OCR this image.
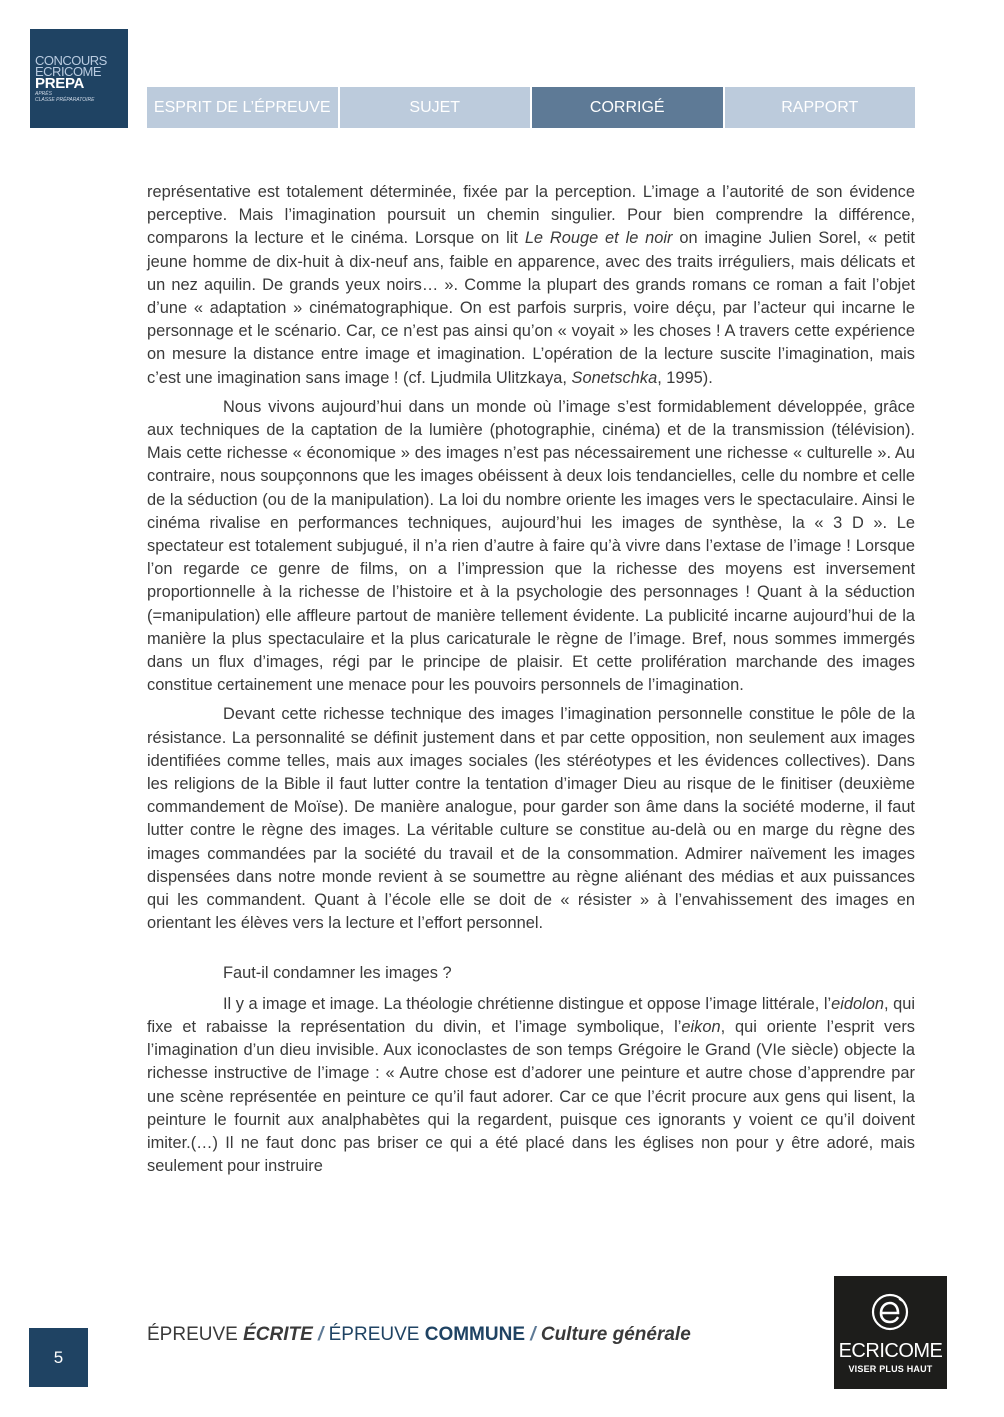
CONCOURS
ECRICOME
PREPA
APRÈS
CLASSE PRÉPARATOIRE	ESPRIT DE L’ÉPREUVE	SUJET	CORRIGÉ	RAPPORT

représentative est totalement déterminée, fixée par la perception. L’image a l’autorité de son évidence perceptive. Mais l’imagination poursuit un chemin singulier. Pour bien comprendre la différence, comparons la lecture et le cinéma. Lorsque on lit Le Rouge et le noir on imagine Julien Sorel, « petit jeune homme de dix-huit à dix-neuf ans, faible en apparence, avec des traits irréguliers, mais délicats et un nez aquilin. De grands yeux noirs… ». Comme la plupart des grands romans ce roman a fait l’objet d’une « adaptation » cinématographique. On est parfois surpris, voire déçu, par l’acteur qui incarne le personnage et le scénario. Car, ce n’est pas ainsi qu’on « voyait » les choses ! A travers cette expérience on mesure la distance entre image et imagination. L’opération de la lecture suscite l’imagination, mais c’est une imagination sans image ! (cf. Ljudmila Ulitzkaya, Sonetschka, 1995).

Nous vivons aujourd’hui dans un monde où l’image s’est formidablement développée, grâce aux techniques de la captation de la lumière (photographie, cinéma) et de la transmission (télévision). Mais cette richesse « économique » des images n’est pas nécessairement une richesse « culturelle ». Au contraire, nous soupçonnons que les images obéissent à deux lois tendancielles, celle du nombre et celle de la séduction (ou de la manipulation). La loi du nombre oriente les images vers le spectaculaire. Ainsi le cinéma rivalise en performances techniques, aujourd’hui les images de synthèse, la « 3 D ». Le spectateur est totalement subjugué, il n’a rien d’autre à faire qu’à vivre dans l’extase de l’image ! Lorsque l’on regarde ce genre de films, on a l’impression que la richesse des moyens est inversement proportionnelle à la richesse de l’histoire et à la psychologie des personnages ! Quant à la séduction (=manipulation) elle affleure partout de manière tellement évidente. La publicité incarne aujourd’hui de la manière la plus spectaculaire et la plus caricaturale le règne de l’image. Bref, nous sommes immergés dans un flux d’images, régi par le principe de plaisir. Et cette prolifération marchande des images constitue certainement une menace pour les pouvoirs personnels de l’imagination.

Devant cette richesse technique des images l’imagination personnelle constitue le pôle de la résistance. La personnalité se définit justement dans et par cette opposition, non seulement aux images identifiées comme telles, mais aux images sociales (les stéréotypes et les évidences collectives). Dans les religions de la Bible il faut lutter contre la tentation d’imager Dieu au risque de le finitiser (deuxième commandement de Moïse). De manière analogue, pour garder son âme dans la société moderne, il faut lutter contre le règne des images. La véritable culture se constitue au-delà ou en marge du règne des images commandées par la société du travail et de la consommation. Admirer naïvement les images dispensées dans notre monde revient à se soumettre au règne aliénant des médias et aux puissances qui les commandent. Quant à l’école elle se doit de « résister » à l’envahissement des images en orientant les élèves vers la lecture et l’effort personnel.

Faut-il condamner les images ?

Il y a image et image. La théologie chrétienne distingue et oppose l’image littérale, l’eidolon, qui fixe et rabaisse la représentation du divin, et l’image symbolique, l’eikon, qui oriente l’esprit vers l’imagination d’un dieu invisible. Aux iconoclastes de son temps Grégoire le Grand (VIe siècle) objecte la richesse instructive de l’image : « Autre chose est d’adorer une peinture et autre chose d’apprendre par une scène représentée en peinture ce qu’il faut adorer. Car ce que l’écrit procure aux gens qui lisent, la peinture le fournit aux analphabètes qui la regardent, puisque ces ignorants y voient ce qu’il doivent imiter.(…) Il ne faut donc pas briser ce qui a été placé dans les églises non pour y être adoré, mais seulement pour instruire

5
ÉPREUVE ÉCRITE / ÉPREUVE COMMUNE / Culture générale
ECRICOME
VISER PLUS HAUT
